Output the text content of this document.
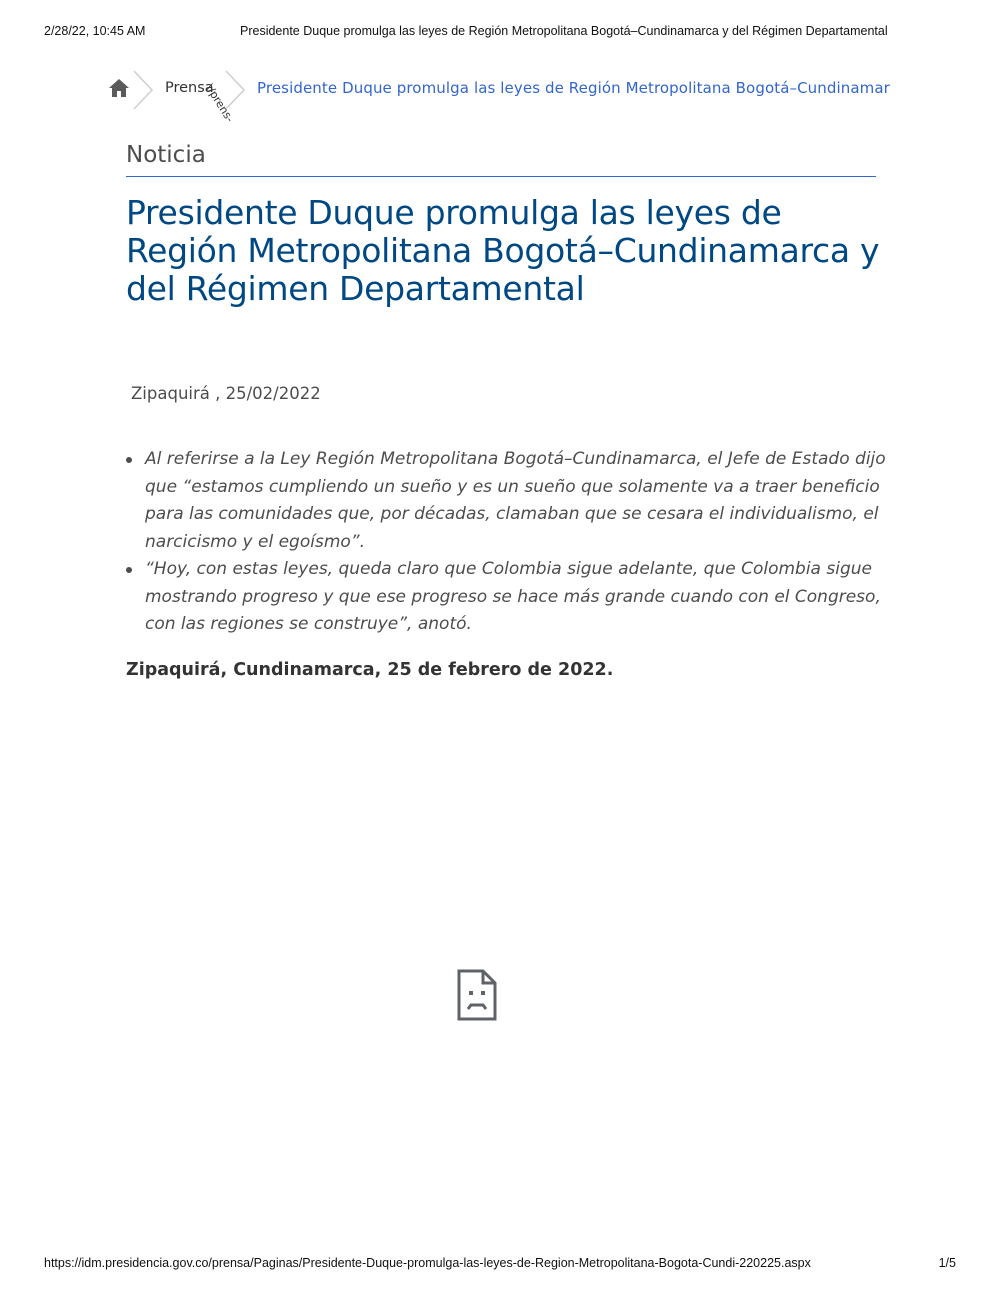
2/28/22, 10:45 AM	Presidente Duque promulga las leyes de Región Metropolitana Bogotá–Cundinamarca y del Régimen Departamental
Prensa
\/prens- Presidente Duque promulga las leyes de Región Metropolitana Bogotá–Cundinamar
Noticia
Presidente Duque promulga las leyes de Región Metropolitana Bogotá–Cundinamarca y del Régimen Departamental
Zipaquirá , 25/02/2022
Al referirse a la Ley Región Metropolitana Bogotá–Cundinamarca, el Jefe de Estado dijo que “estamos cumpliendo un sueño y es un sueño que solamente va a traer beneficio para las comunidades que, por décadas, clamaban que se cesara el individualismo, el narcicismo y el egoísmo”.
“Hoy, con estas leyes, queda claro que Colombia sigue adelante, que Colombia sigue mostrando progreso y que ese progreso se hace más grande cuando con el Congreso, con las regiones se construye”, anotó.
Zipaquirá, Cundinamarca, 25 de febrero de 2022.
https://idm.presidencia.gov.co/prensa/Paginas/Presidente-Duque-promulga-las-leyes-de-Region-Metropolitana-Bogota-Cundi-220225.aspx	1/5
